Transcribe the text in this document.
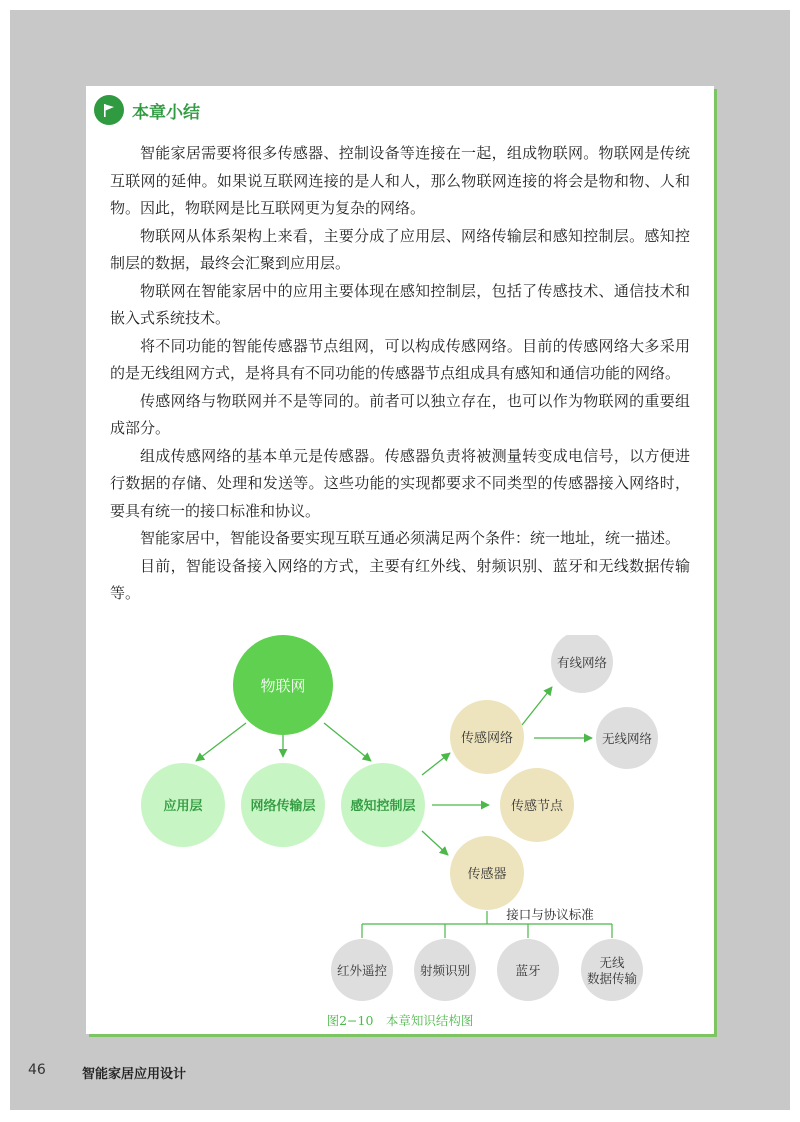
本章小结

智能家居需要将很多传感器、控制设备等连接在一起，组成物联网。物联网是传统互联网的延伸。如果说互联网连接的是人和人，那么物联网连接的将会是物和物、人和物。因此，物联网是比互联网更为复杂的网络。

物联网从体系架构上来看，主要分成了应用层、网络传输层和感知控制层。感知控制层的数据，最终会汇聚到应用层。

物联网在智能家居中的应用主要体现在感知控制层，包括了传感技术、通信技术和嵌入式系统技术。

将不同功能的智能传感器节点组网，可以构成传感网络。目前的传感网络大多采用的是无线组网方式，是将具有不同功能的传感器节点组成具有感知和通信功能的网络。

传感网络与物联网并不是等同的。前者可以独立存在，也可以作为物联网的重要组成部分。

组成传感网络的基本单元是传感器。传感器负责将被测量转变成电信号，以方便进行数据的存储、处理和发送等。这些功能的实现都要求不同类型的传感器接入网络时，要具有统一的接口标准和协议。

智能家居中，智能设备要实现互联互通必须满足两个条件：统一地址，统一描述。

目前，智能设备接入网络的方式，主要有红外线、射频识别、蓝牙和无线数据传输等。

物联网
应用层	网络传输层	感知控制层
传感网络
传感节点
传感器
有线网络
无线网络
接口与协议标准
红外遥控	射频识别	蓝牙
无线
数据传输
图2−10　本章知识结构图
46	智能家居应用设计
